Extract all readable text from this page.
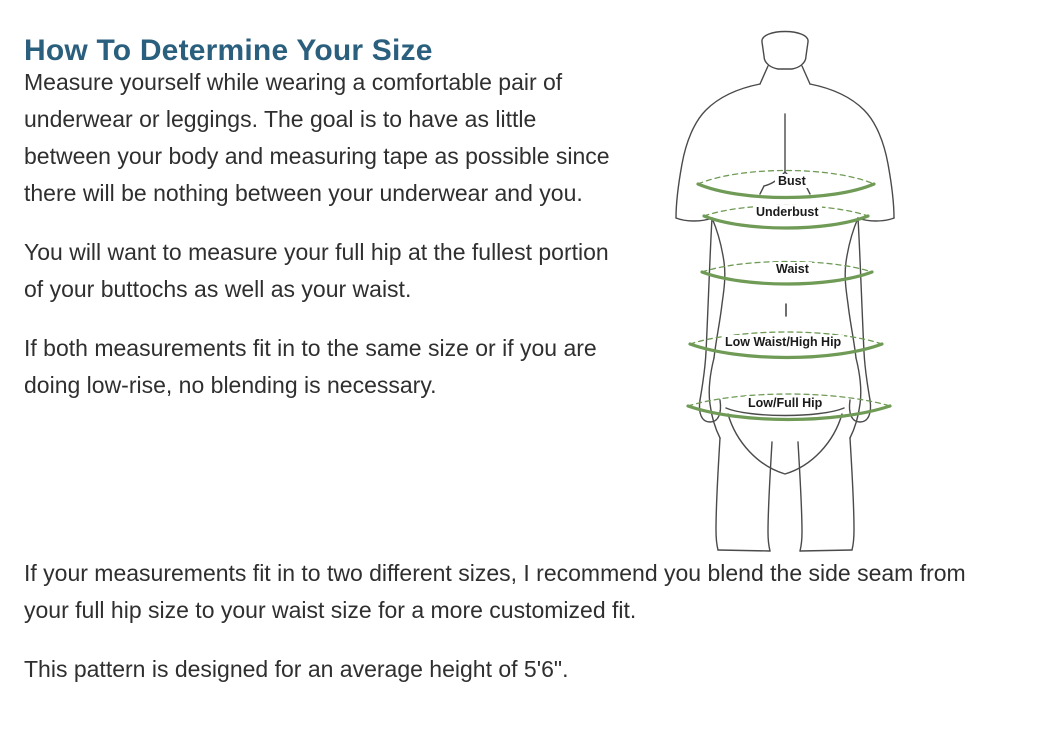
How To Determine Your Size

Measure yourself while wearing a comfortable pair of underwear or leggings. The goal is to have as little between your body and measuring tape as possible since there will be nothing between your underwear and you.

You will want to measure your full hip at the fullest portion of your buttochs as well as your waist.

If both measurements fit in to the same size or if you are doing low-rise, no blending is necessary.

If your measurements fit in to two different sizes, I recommend you blend the side seam from your full hip size to your waist size for a more customized fit.

This pattern is designed for an average height of 5'6".

Bust
Underbust
Waist
Low Waist/High Hip
Low/Full Hip
